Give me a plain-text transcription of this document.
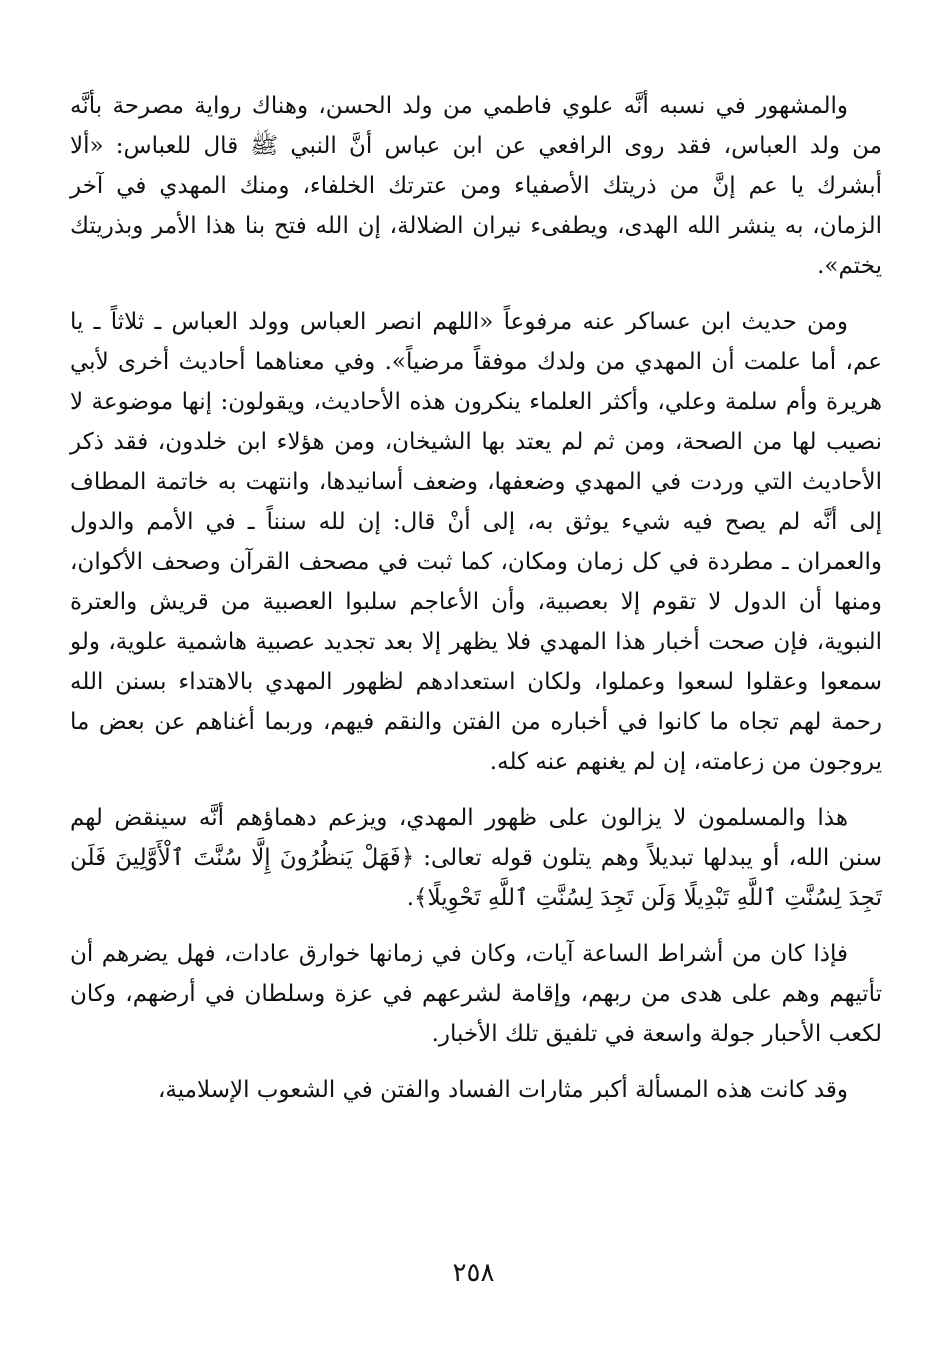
والمشهور في نسبه أنَّه علوي فاطمي من ولد الحسن، وهناك رواية مصرحة بأنَّه من ولد العباس، فقد روى الرافعي عن ابن عباس أنَّ النبي ﷺ قال للعباس: «ألا أبشرك يا عم إنَّ من ذريتك الأصفياء ومن عترتك الخلفاء، ومنك المهدي في آخر الزمان، به ينشر الله الهدى، ويطفىء نيران الضلالة، إن الله فتح بنا هذا الأمر وبذريتك يختم».

ومن حديث ابن عساكر عنه مرفوعاً «اللهم انصر العباس وولد العباس ـ ثلاثاً ـ يا عم، أما علمت أن المهدي من ولدك موفقاً مرضياً». وفي معناهما أحاديث أخرى لأبي هريرة وأم سلمة وعلي، وأكثر العلماء ينكرون هذه الأحاديث، ويقولون: إنها موضوعة لا نصيب لها من الصحة، ومن ثم لم يعتد بها الشيخان، ومن هؤلاء ابن خلدون، فقد ذكر الأحاديث التي وردت في المهدي وضعفها، وضعف أسانيدها، وانتهت به خاتمة المطاف إلى أنَّه لم يصح فيه شيء يوثق به، إلى أنْ قال: إن لله سنناً ـ في الأمم والدول والعمران ـ مطردة في كل زمان ومكان، كما ثبت في مصحف القرآن وصحف الأكوان، ومنها أن الدول لا تقوم إلا بعصبية، وأن الأعاجم سلبوا العصبية من قريش والعترة النبوية، فإن صحت أخبار هذا المهدي فلا يظهر إلا بعد تجديد عصبية هاشمية علوية، ولو سمعوا وعقلوا لسعوا وعملوا، ولكان استعدادهم لظهور المهدي بالاهتداء بسنن الله رحمة لهم تجاه ما كانوا في أخباره من الفتن والنقم فيهم، وربما أغناهم عن بعض ما يروجون من زعامته، إن لم يغنهم عنه كله.

هذا والمسلمون لا يزالون على ظهور المهدي، ويزعم دهماؤهم أنَّه سينقض لهم سنن الله، أو يبدلها تبديلاً وهم يتلون قوله تعالى: ﴿فَهَلْ يَنظُرُونَ إِلَّا سُنَّتَ ٱلْأَوَّلِينَ فَلَن تَجِدَ لِسُنَّتِ ٱللَّهِ تَبْدِيلًا وَلَن تَجِدَ لِسُنَّتِ ٱللَّهِ تَحْوِيلًا﴾.

فإذا كان من أشراط الساعة آيات، وكان في زمانها خوارق عادات، فهل يضرهم أن تأتيهم وهم على هدى من ربهم، وإقامة لشرعهم في عزة وسلطان في أرضهم، وكان لكعب الأحبار جولة واسعة في تلفيق تلك الأخبار.

وقد كانت هذه المسألة أكبر مثارات الفساد والفتن في الشعوب الإسلامية،

٢٥٨
